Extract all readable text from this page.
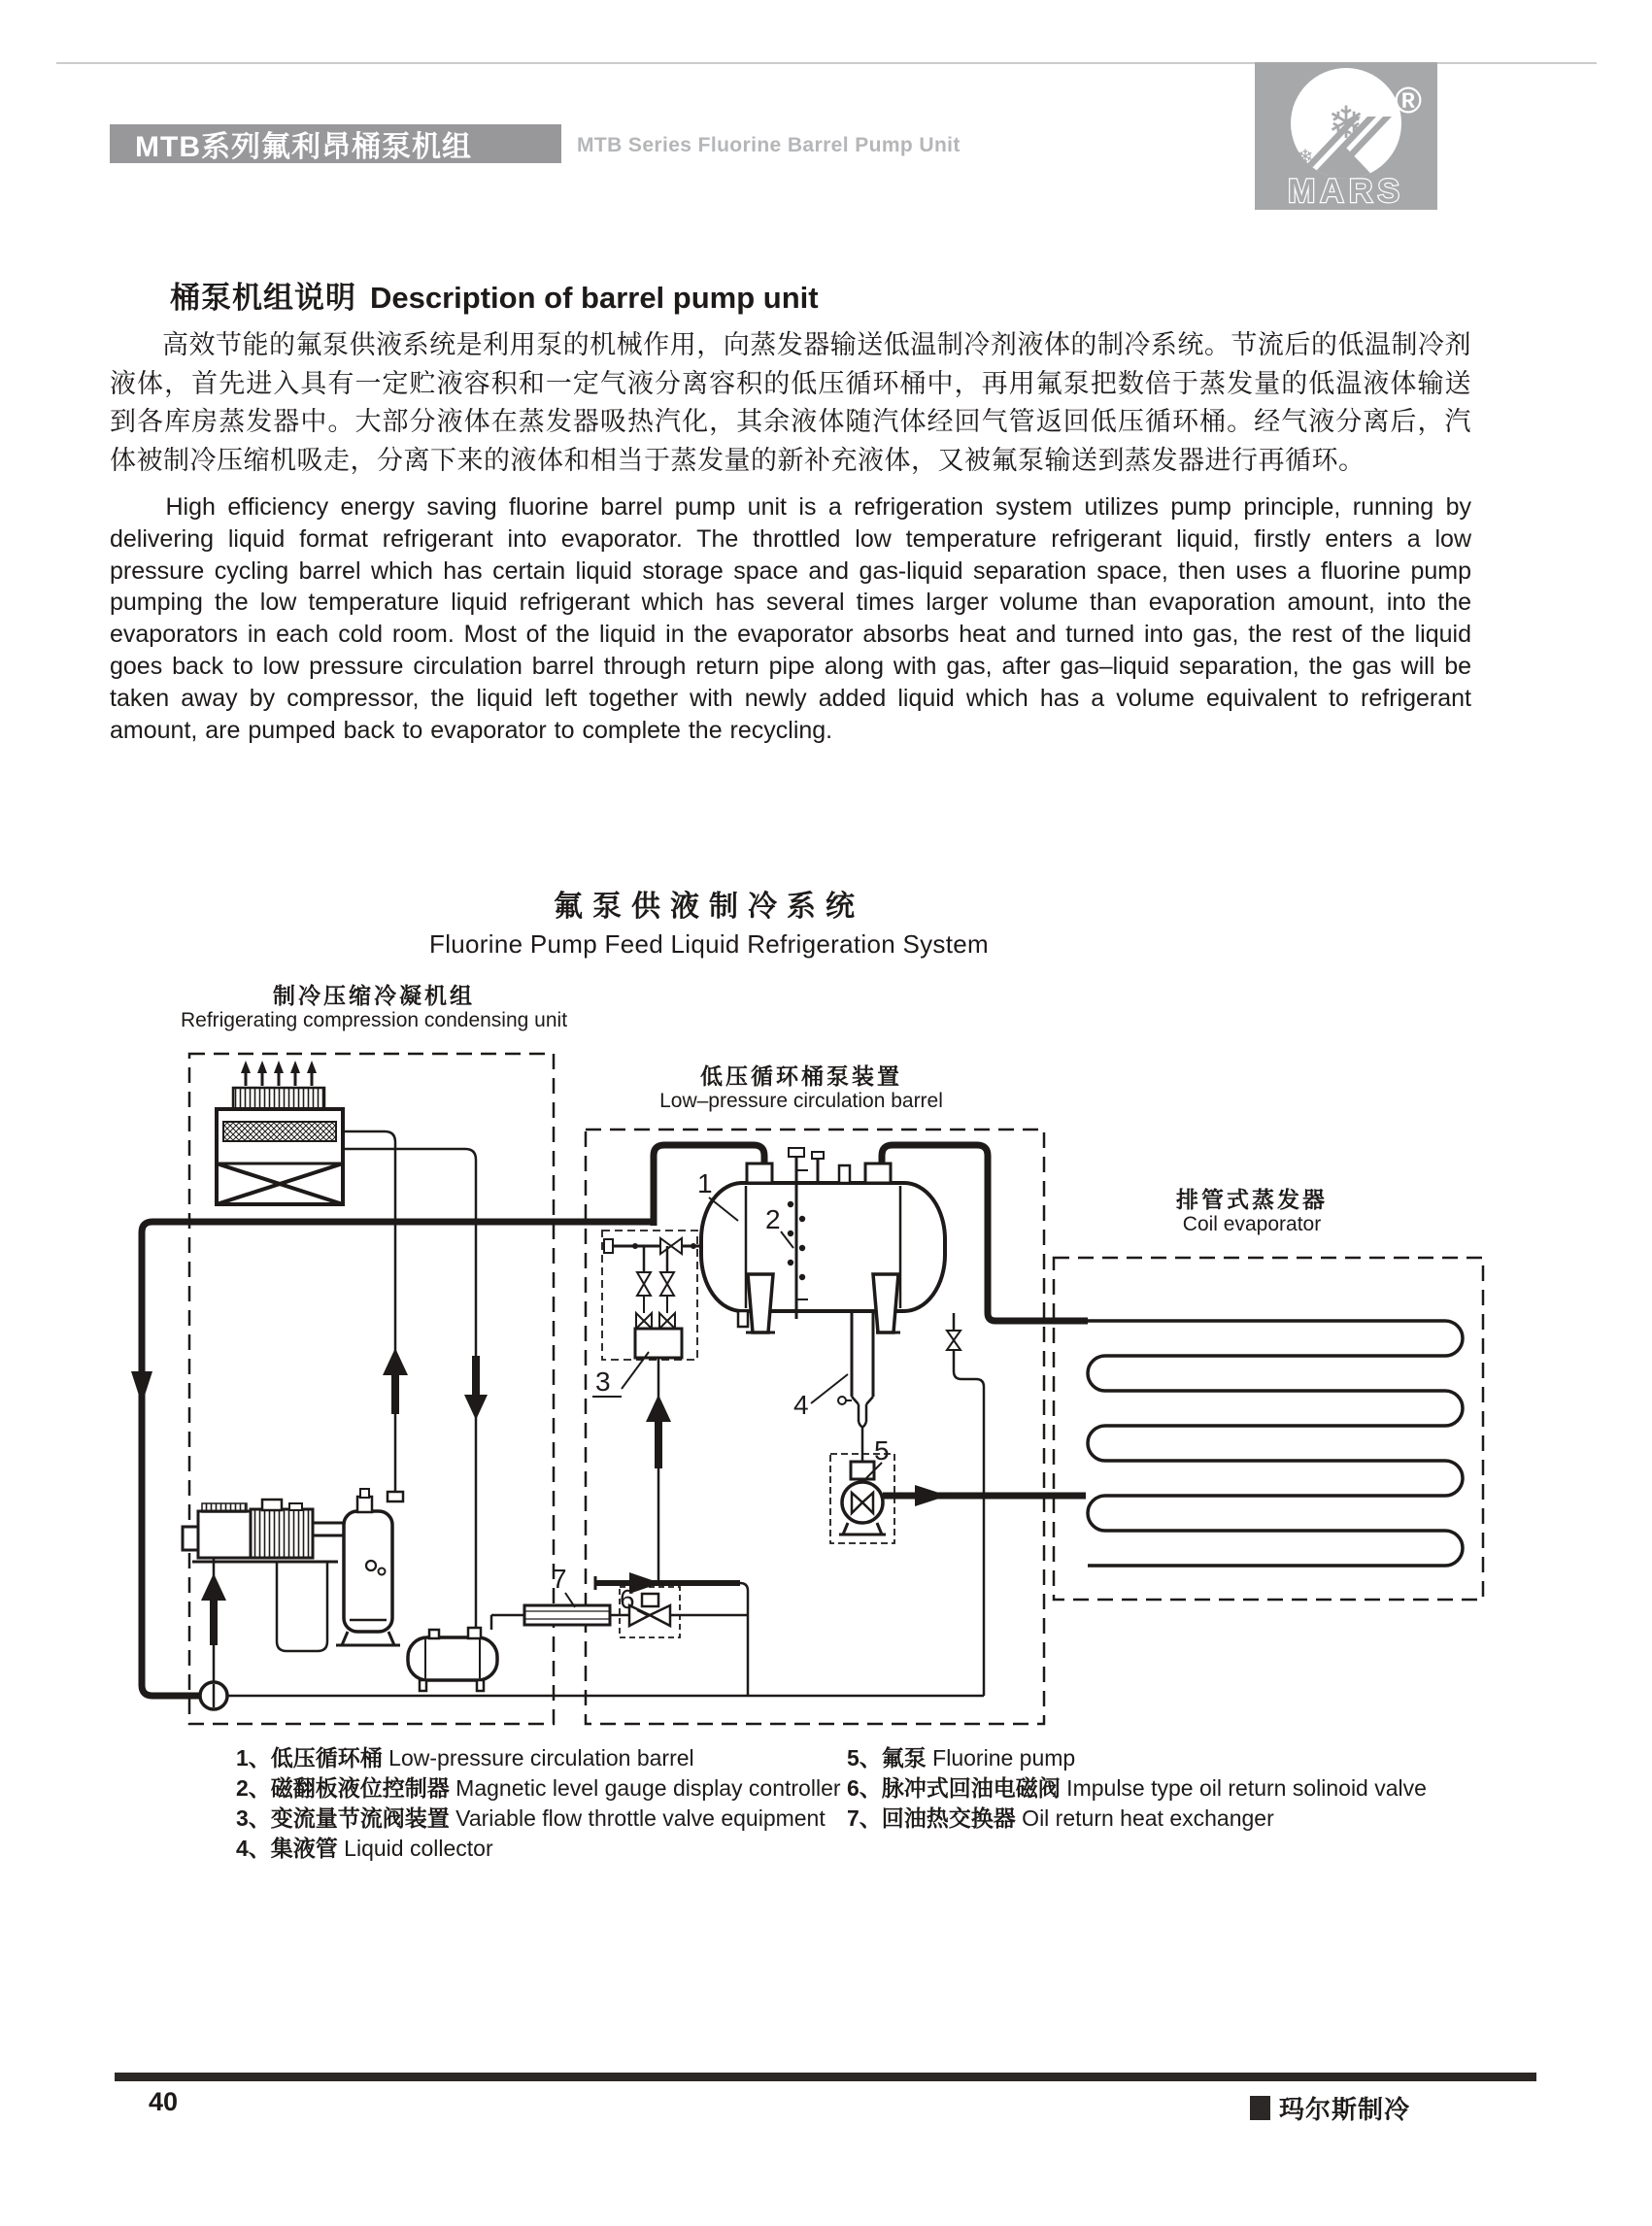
MTB系列氟利昂桶泵机组	MTB Series Fluorine Barrel Pump Unit	❄
❄
®
MARS
桶泵机组说明 Description of barrel pump unit
高效节能的氟泵供液系统是利用泵的机械作用，向蒸发器输送低温制冷剂液体的制冷系统。节流后的低温制冷剂液体，首先进入具有一定贮液容积和一定气液分离容积的低压循环桶中，再用氟泵把数倍于蒸发量的低温液体输送到各库房蒸发器中。大部分液体在蒸发器吸热汽化，其余液体随汽体经回气管返回低压循环桶。经气液分离后，汽体被制冷压缩机吸走，分离下来的液体和相当于蒸发量的新补充液体，又被氟泵输送到蒸发器进行再循环。
High efficiency energy saving fluorine barrel pump unit is a refrigeration system utilizes pump principle, running by delivering liquid format refrigerant into evaporator. The throttled low temperature refrigerant liquid, firstly enters a low pressure cycling barrel which has certain liquid storage space and gas-liquid separation space, then uses a fluorine pump pumping the low temperature liquid refrigerant which has several times larger volume than evaporation amount, into the evaporators in each cold room. Most of the liquid in the evaporator absorbs heat and turned into gas, the rest of the liquid goes back to low pressure circulation barrel through return pipe along with gas, after gas–liquid separation, the gas will be taken away by compressor, the liquid left together with newly added liquid which has a volume equivalent to refrigerant amount, are pumped back to evaporator to complete the recycling.
氟泵供液制冷系统
Fluorine Pump Feed Liquid Refrigeration System
制冷压缩冷凝机组
Refrigerating compression condensing unit
低压循环桶泵装置
Low–pressure circulation barrel
排管式蒸发器
Coil evaporator
1
2
3
4
5
6
7
1、低压循环桶 Low-pressure circulation barrel
2、磁翻板液位控制器 Magnetic level gauge display controller
3、变流量节流阀装置 Variable flow throttle valve equipment
4、集液管 Liquid collector
5、氟泵 Fluorine pump
6、脉冲式回油电磁阀 Impulse type oil return solinoid valve
7、回油热交换器 Oil return heat exchanger
40	玛尔斯制冷
